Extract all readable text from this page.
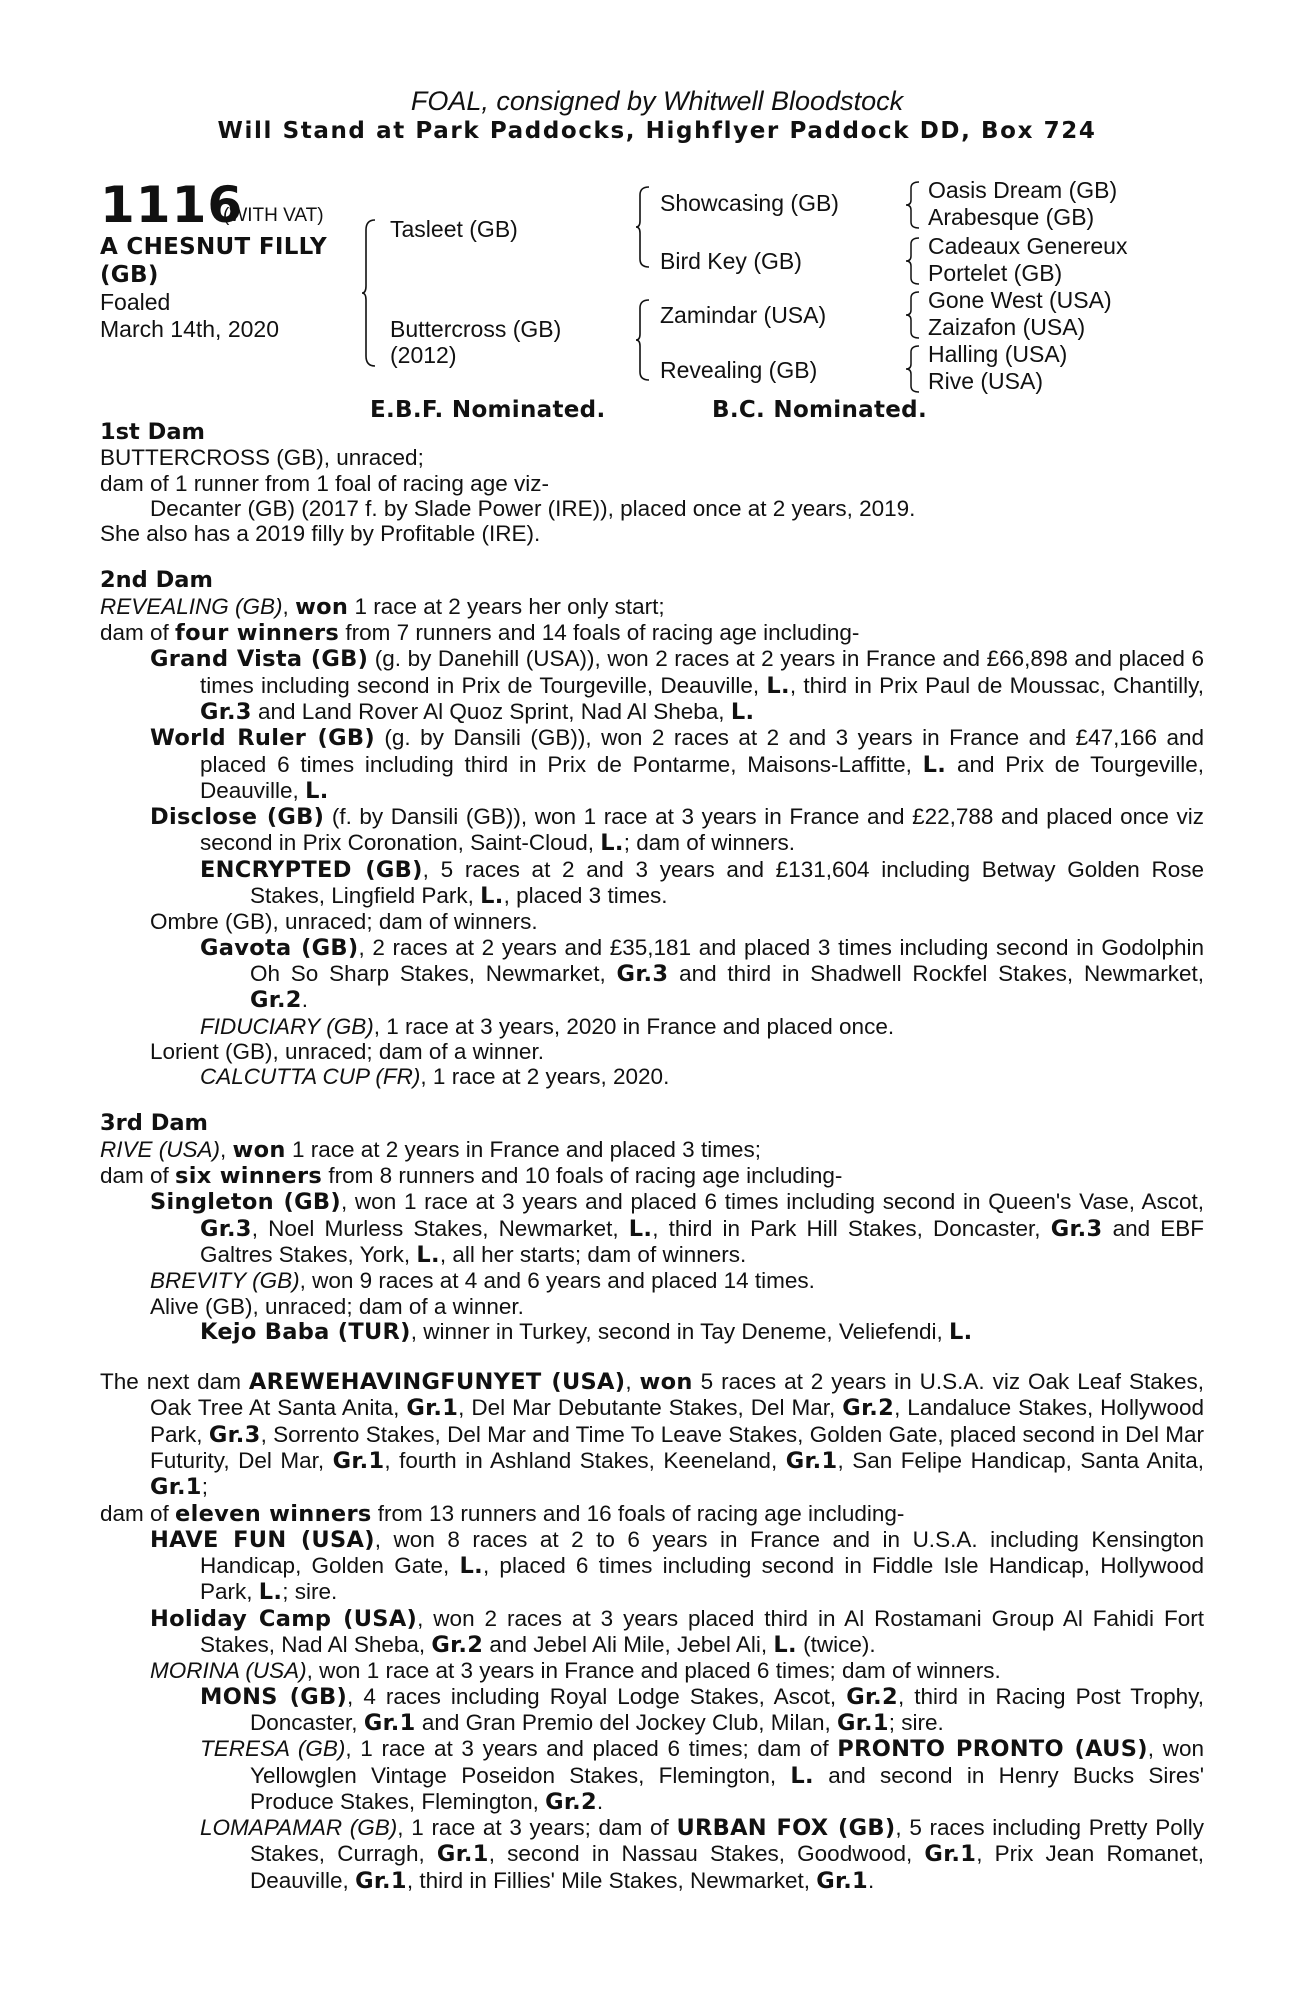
FOAL, consigned by Whitwell Bloodstock
Will Stand at Park Paddocks, Highflyer Paddock DD, Box 724
1116
(WITH VAT)
A CHESNUT FILLY
(GB)
Foaled
March 14th, 2020
Tasleet (GB)
Buttercross (GB)
(2012)
Showcasing (GB)
Bird Key (GB)
Zamindar (USA)
Revealing (GB)
Oasis Dream (GB)
Arabesque (GB)
Cadeaux Genereux
Portelet (GB)
Gone West (USA)
Zaizafon (USA)
Halling (USA)
Rive (USA)
E.B.F. Nominated.	B.C. Nominated.
1st Dam
BUTTERCROSS (GB), unraced;
dam of 1 runner from 1 foal of racing age viz-
Decanter (GB) (2017 f. by Slade Power (IRE)), placed once at 2 years, 2019.
She also has a 2019 filly by Profitable (IRE).
2nd Dam
REVEALING (GB), won 1 race at 2 years her only start;
dam of four winners from 7 runners and 14 foals of racing age including-
Grand Vista (GB) (g. by Danehill (USA)), won 2 races at 2 years in France and £66,898 and placed 6 times including second in Prix de Tourgeville, Deauville, L., third in Prix Paul de Moussac, Chantilly, Gr.3 and Land Rover Al Quoz Sprint, Nad Al Sheba, L.
World Ruler (GB) (g. by Dansili (GB)), won 2 races at 2 and 3 years in France and £47,166 and placed 6 times including third in Prix de Pontarme, Maisons-Laffitte, L. and Prix de Tourgeville, Deauville, L.
Disclose (GB) (f. by Dansili (GB)), won 1 race at 3 years in France and £22,788 and placed once viz second in Prix Coronation, Saint-Cloud, L.; dam of winners.
ENCRYPTED (GB), 5 races at 2 and 3 years and £131,604 including Betway Golden Rose Stakes, Lingfield Park, L., placed 3 times.
Ombre (GB), unraced; dam of winners.
Gavota (GB), 2 races at 2 years and £35,181 and placed 3 times including second in Godolphin Oh So Sharp Stakes, Newmarket, Gr.3 and third in Shadwell Rockfel Stakes, Newmarket, Gr.2.
FIDUCIARY (GB), 1 race at 3 years, 2020 in France and placed once.
Lorient (GB), unraced; dam of a winner.
CALCUTTA CUP (FR), 1 race at 2 years, 2020.
3rd Dam
RIVE (USA), won 1 race at 2 years in France and placed 3 times;
dam of six winners from 8 runners and 10 foals of racing age including-
Singleton (GB), won 1 race at 3 years and placed 6 times including second in Queen's Vase, Ascot, Gr.3, Noel Murless Stakes, Newmarket, L., third in Park Hill Stakes, Doncaster, Gr.3 and EBF Galtres Stakes, York, L., all her starts; dam of winners.
BREVITY (GB), won 9 races at 4 and 6 years and placed 14 times.
Alive (GB), unraced; dam of a winner.
Kejo Baba (TUR), winner in Turkey, second in Tay Deneme, Veliefendi, L.
The next dam AREWEHAVINGFUNYET (USA), won 5 races at 2 years in U.S.A. viz Oak Leaf Stakes, Oak Tree At Santa Anita, Gr.1, Del Mar Debutante Stakes, Del Mar, Gr.2, Landaluce Stakes, Hollywood Park, Gr.3, Sorrento Stakes, Del Mar and Time To Leave Stakes, Golden Gate, placed second in Del Mar Futurity, Del Mar, Gr.1, fourth in Ashland Stakes, Keeneland, Gr.1, San Felipe Handicap, Santa Anita, Gr.1;
dam of eleven winners from 13 runners and 16 foals of racing age including-
HAVE FUN (USA), won 8 races at 2 to 6 years in France and in U.S.A. including Kensington Handicap, Golden Gate, L., placed 6 times including second in Fiddle Isle Handicap, Hollywood Park, L.; sire.
Holiday Camp (USA), won 2 races at 3 years placed third in Al Rostamani Group Al Fahidi Fort Stakes, Nad Al Sheba, Gr.2 and Jebel Ali Mile, Jebel Ali, L. (twice).
MORINA (USA), won 1 race at 3 years in France and placed 6 times; dam of winners.
MONS (GB), 4 races including Royal Lodge Stakes, Ascot, Gr.2, third in Racing Post Trophy, Doncaster, Gr.1 and Gran Premio del Jockey Club, Milan, Gr.1; sire.
TERESA (GB), 1 race at 3 years and placed 6 times; dam of PRONTO PRONTO (AUS), won Yellowglen Vintage Poseidon Stakes, Flemington, L. and second in Henry Bucks Sires' Produce Stakes, Flemington, Gr.2.
LOMAPAMAR (GB), 1 race at 3 years; dam of URBAN FOX (GB), 5 races including Pretty Polly Stakes, Curragh, Gr.1, second in Nassau Stakes, Goodwood, Gr.1, Prix Jean Romanet, Deauville, Gr.1, third in Fillies' Mile Stakes, Newmarket, Gr.1.
